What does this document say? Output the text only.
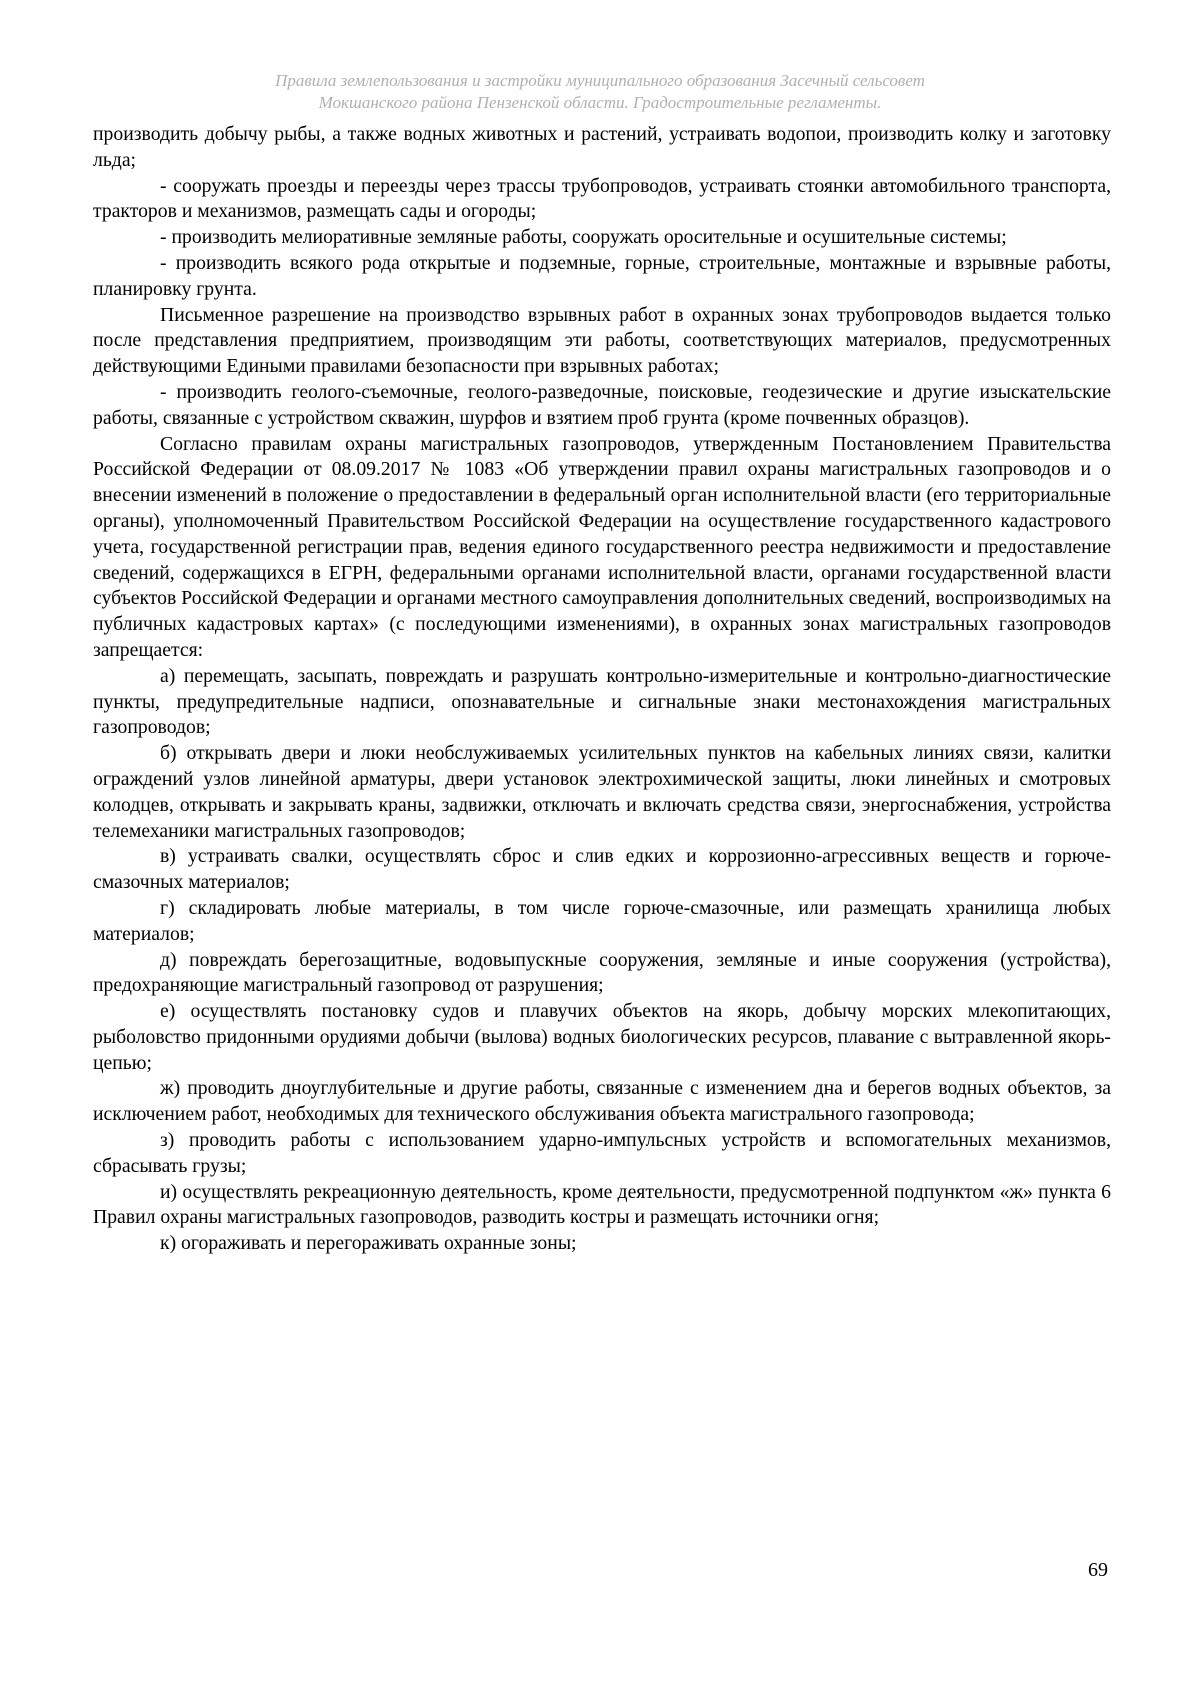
Правила землепользования и застройки муниципального образования Засечный сельсовет
Мокшанского района Пензенской области. Градостроительные регламенты.

производить добычу рыбы, а также водных животных и растений, устраивать водопои, производить колку и заготовку льда;

- сооружать проезды и переезды через трассы трубопроводов, устраивать стоянки автомобильного транспорта, тракторов и механизмов, размещать сады и огороды;

- производить мелиоративные земляные работы, сооружать оросительные и осушительные системы;

- производить всякого рода открытые и подземные, горные, строительные, монтажные и взрывные работы, планировку грунта.

Письменное разрешение на производство взрывных работ в охранных зонах трубопроводов выдается только после представления предприятием, производящим эти работы, соответствующих материалов, предусмотренных действующими Едиными правилами безопасности при взрывных работах;

- производить геолого-съемочные, геолого-разведочные, поисковые, геодезические и другие изыскательские работы, связанные с устройством скважин, шурфов и взятием проб грунта (кроме почвенных образцов).

Согласно правилам охраны магистральных газопроводов, утвержденным Постановлением Правительства Российской Федерации от 08.09.2017 № 1083 «Об утверждении правил охраны магистральных газопроводов и о внесении изменений в положение о предоставлении в федеральный орган исполнительной власти (его территориальные органы), уполномоченный Правительством Российской Федерации на осуществление государственного кадастрового учета, государственной регистрации прав, ведения единого государственного реестра недвижимости и предоставление сведений, содержащихся в ЕГРН, федеральными органами исполнительной власти, органами государственной власти субъектов Российской Федерации и органами местного самоуправления дополнительных сведений, воспроизводимых на публичных кадастровых картах» (с последующими изменениями), в охранных зонах магистральных газопроводов запрещается:

а) перемещать, засыпать, повреждать и разрушать контрольно-измерительные и контрольно-диагностические пункты, предупредительные надписи, опознавательные и сигнальные знаки местонахождения магистральных газопроводов;

б) открывать двери и люки необслуживаемых усилительных пунктов на кабельных линиях связи, калитки ограждений узлов линейной арматуры, двери установок электрохимической защиты, люки линейных и смотровых колодцев, открывать и закрывать краны, задвижки, отключать и включать средства связи, энергоснабжения, устройства телемеханики магистральных газопроводов;

в) устраивать свалки, осуществлять сброс и слив едких и коррозионно-агрессивных веществ и горюче-смазочных материалов;

г) складировать любые материалы, в том числе горюче-смазочные, или размещать хранилища любых материалов;

д) повреждать берегозащитные, водовыпускные сооружения, земляные и иные сооружения (устройства), предохраняющие магистральный газопровод от разрушения;

е) осуществлять постановку судов и плавучих объектов на якорь, добычу морских млекопитающих, рыболовство придонными орудиями добычи (вылова) водных биологических ресурсов, плавание с вытравленной якорь-цепью;

ж) проводить дноуглубительные и другие работы, связанные с изменением дна и берегов водных объектов, за исключением работ, необходимых для технического обслуживания объекта магистрального газопровода;

з) проводить работы с использованием ударно-импульсных устройств и вспомогательных механизмов, сбрасывать грузы;

и) осуществлять рекреационную деятельность, кроме деятельности, предусмотренной подпунктом «ж» пункта 6 Правил охраны магистральных газопроводов, разводить костры и размещать источники огня;

к) огораживать и перегораживать охранные зоны;

69
